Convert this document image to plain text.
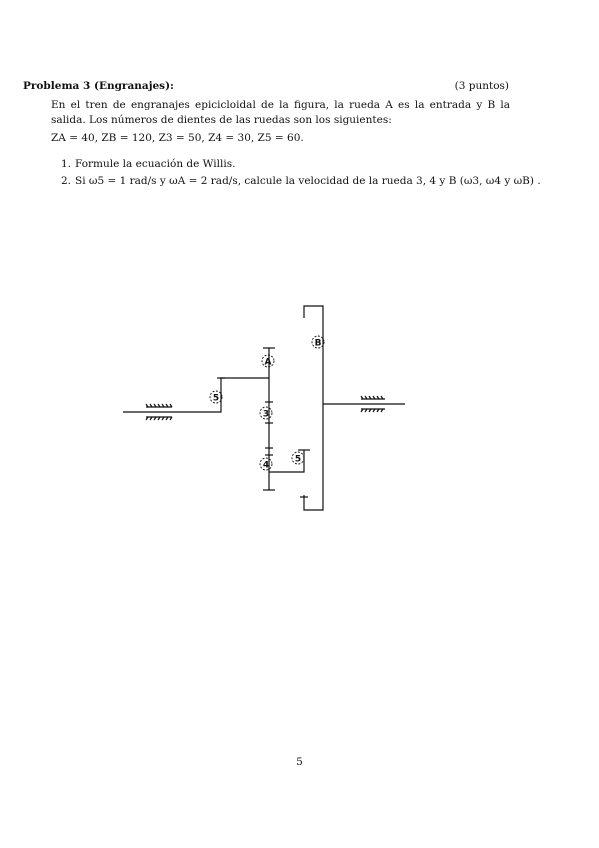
Problema 3 (Engranajes):	(3 puntos)

En el tren de engranajes epicicloidal de la figura, la rueda A es la entrada y B la salida. Los números de dientes de las ruedas son los siguientes:

ZA = 40, ZB = 120, Z3 = 50, Z4 = 30, Z5 = 60.

1. Formule la ecuación de Willis.
2. Si ω5 = 1 rad/s y ωA = 2 rad/s, calcule la velocidad de la rueda 3, 4 y B (ω3, ω4 y ωB) .
B
A
5
3
5
4
5
